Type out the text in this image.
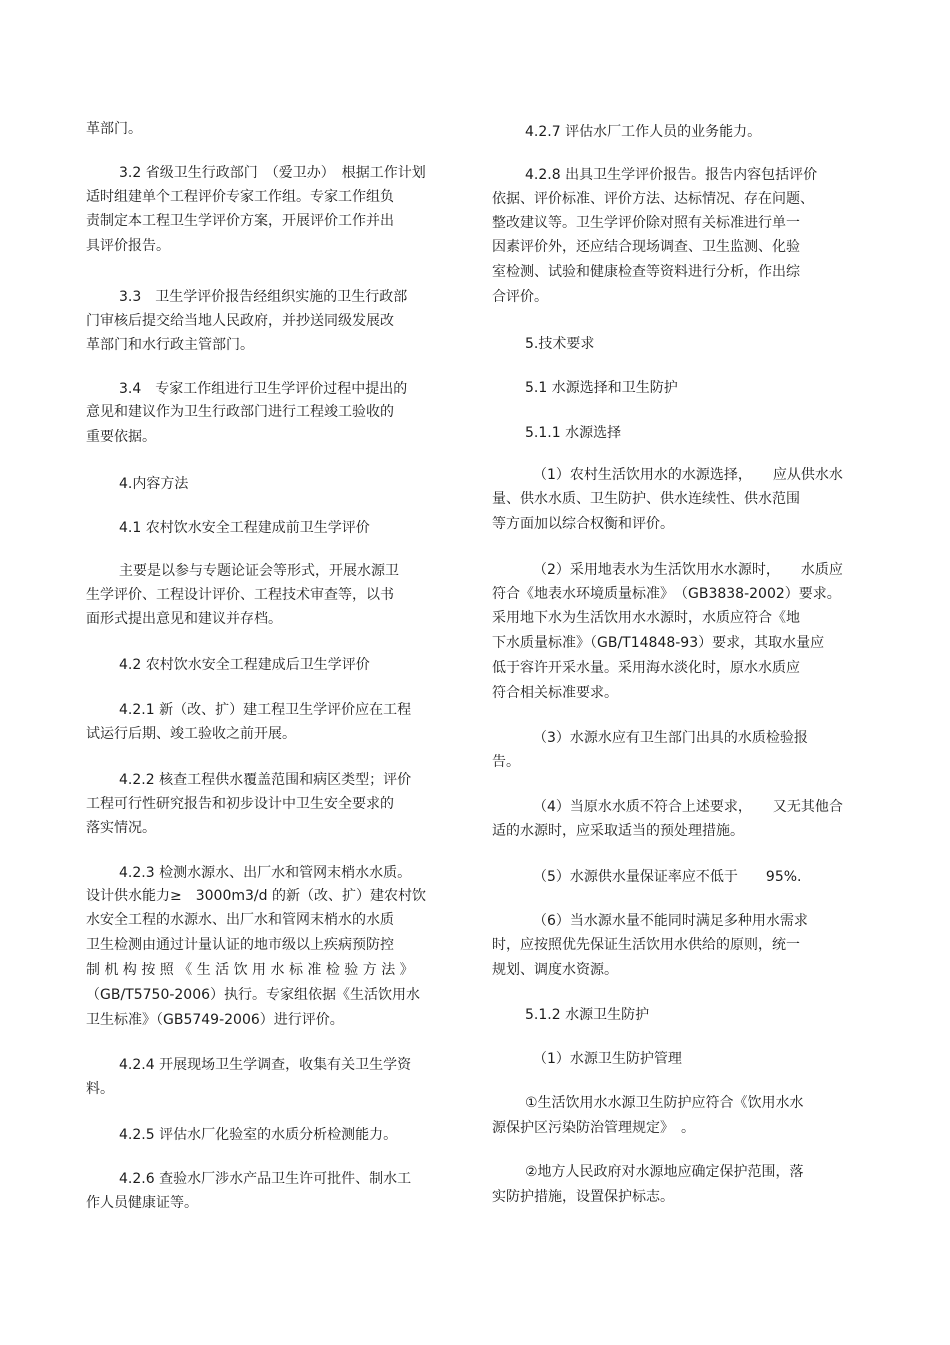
革部门。
3.2 省级卫生行政部门　（爱卫办）　根据工作计划
适时组建单个工程评价专家工作组。专家工作组负
责制定本工程卫生学评价方案，开展评价工作并出
具评价报告。
3.3　卫生学评价报告经组织实施的卫生行政部
门审核后提交给当地人民政府，并抄送同级发展改
革部门和水行政主管部门。
3.4　专家工作组进行卫生学评价过程中提出的
意见和建议作为卫生行政部门进行工程竣工验收的
重要依据。
4.内容方法
4.1 农村饮水安全工程建成前卫生学评价
主要是以参与专题论证会等形式，开展水源卫
生学评价、工程设计评价、工程技术审查等，以书
面形式提出意见和建议并存档。
4.2 农村饮水安全工程建成后卫生学评价
4.2.1 新（改、扩）建工程卫生学评价应在工程
试运行后期、竣工验收之前开展。
4.2.2 核查工程供水覆盖范围和病区类型；评价
工程可行性研究报告和初步设计中卫生安全要求的
落实情况。
4.2.3 检测水源水、出厂水和管网末梢水水质。
设计供水能力≥　3000m3/d 的新（改、扩）建农村饮
水安全工程的水源水、出厂水和管网末梢水的水质
卫生检测由通过计量认证的地市级以上疾病预防控
制 机 构 按 照 《 生 活 饮 用 水 标 准 检 验 方 法 》
（GB/T5750-2006）执行。专家组依据《生活饮用水
卫生标准》（GB5749-2006）进行评价。
4.2.4 开展现场卫生学调查，收集有关卫生学资
料。
4.2.5 评估水厂化验室的水质分析检测能力。
4.2.6 查验水厂涉水产品卫生许可批件、制水工
作人员健康证等。
4.2.7 评估水厂工作人员的业务能力。
4.2.8 出具卫生学评价报告。报告内容包括评价
依据、评价标准、评价方法、达标情况、存在问题、
整改建议等。卫生学评价除对照有关标准进行单一
因素评价外，还应结合现场调查、卫生监测、化验
室检测、试验和健康检查等资料进行分析，作出综
合评价。
5.技术要求
5.1 水源选择和卫生防护
5.1.1 水源选择
（1）农村生活饮用水的水源选择，　　应从供水水
量、供水水质、卫生防护、供水连续性、供水范围
等方面加以综合权衡和评价。
（2）采用地表水为生活饮用水水源时，　　水质应
符合《地表水环境质量标准》　（GB3838-2002）要求。
采用地下水为生活饮用水水源时，水质应符合《地
下水质量标准》（GB/T14848-93）要求，其取水量应
低于容许开采水量。采用海水淡化时，原水水质应
符合相关标准要求。
（3）水源水应有卫生部门出具的水质检验报
告。
（4）当原水水质不符合上述要求，　　又无其他合
适的水源时，应采取适当的预处理措施。
（5）水源供水量保证率应不低于　　95%.
（6）当水源水量不能同时满足多种用水需求
时，应按照优先保证生活饮用水供给的原则，统一
规划、调度水资源。
5.1.2 水源卫生防护
（1）水源卫生防护管理
①生活饮用水水源卫生防护应符合《饮用水水
源保护区污染防治管理规定》　。
②地方人民政府对水源地应确定保护范围，落
实防护措施，设置保护标志。
